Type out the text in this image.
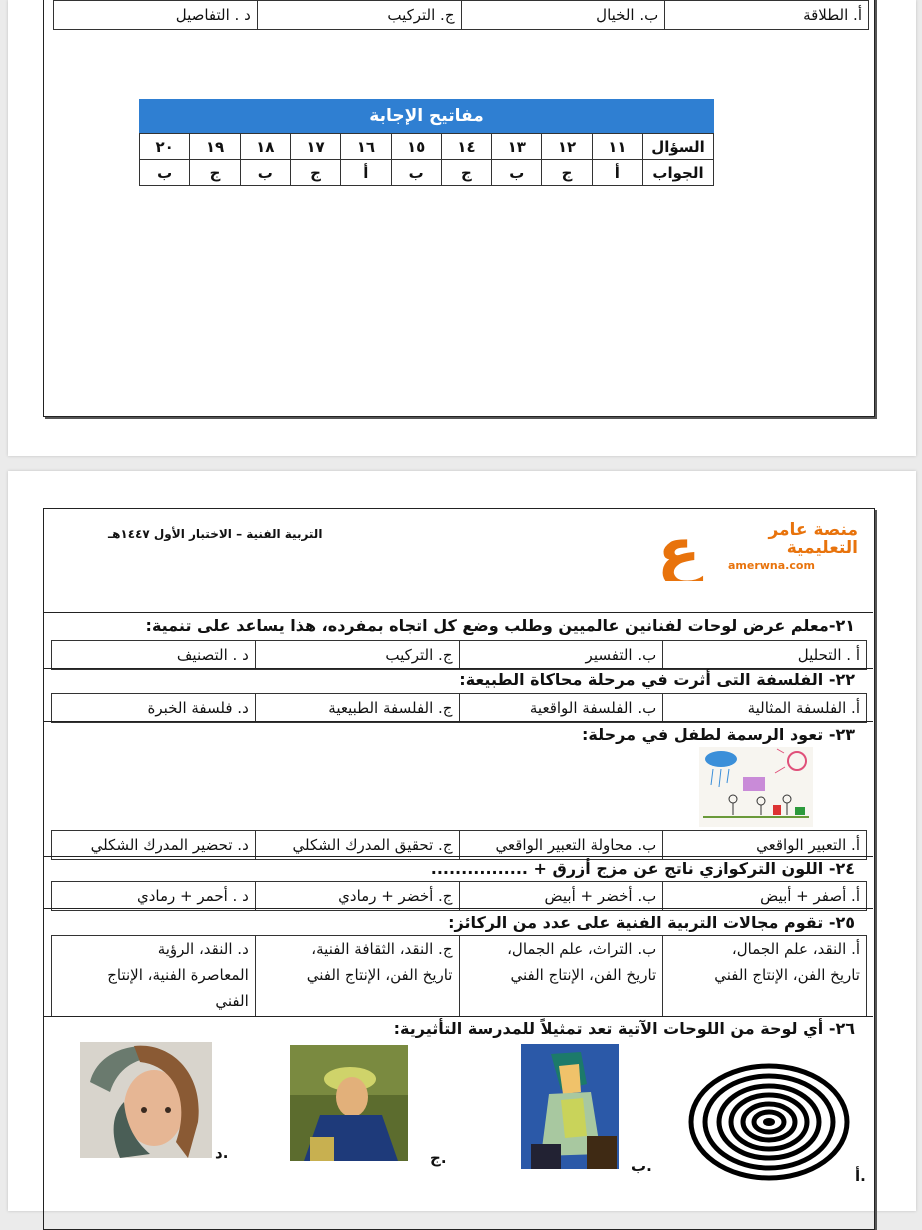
أ. الطلاقة	ب. الخيال	ج. التركيب	د . التفاصيل
مفاتيح الإجابة
السؤال	١١	١٢	١٣	١٤	١٥	١٦	١٧	١٨	١٩	٢٠
الجواب	أ	ج	ب	ج	ب	أ	ج	ب	ج	ب
ع	منصة عامر
التعليمية
amerwna.com
التربية الفنية – الاختبار الأول ١٤٤٧هـ
٢١-معلم عرض لوحات لفنانين عالميين وطلب وضع كل اتجاه بمفرده، هذا يساعد على تنمية:
أ . التحليل	ب. التفسير	ج. التركيب	د . التصنيف
٢٢- الفلسفة التى أثرت في مرحلة محاكاة الطبيعة:
أ. الفلسفة المثالية	ب. الفلسفة الواقعية	ج. الفلسفة الطبيعية	د. فلسفة الخبرة
٢٣- تعود الرسمة لطفل في مرحلة:
أ. التعبير الواقعي	ب. محاولة التعبير الواقعي	ج. تحقيق المدرك الشكلي	د. تحضير المدرك الشكلي
٢٤- اللون التركوازي ناتج عن مزج أزرق + ................
أ. أصفر + أبيض	ب. أخضر + أبيض	ج. أخضر + رمادي	د . أحمر + رمادي
٢٥- تقوم مجالات التربية الفنية على عدد من الركائز:
أ. النقد، علم الجمال،
تاريخ الفن، الإنتاج الفني

ب. التراث، علم الجمال،
تاريخ الفن، الإنتاج الفني

ج. النقد، الثقافة الفنية،
تاريخ الفن، الإنتاج الفني

د. النقد، الرؤية
المعاصرة الفنية، الإنتاج
الفني
٢٦- أي لوحة من اللوحات الآتية تعد تمثيلاً للمدرسة التأثيرية:
أ.
ب.
ج.
د.
